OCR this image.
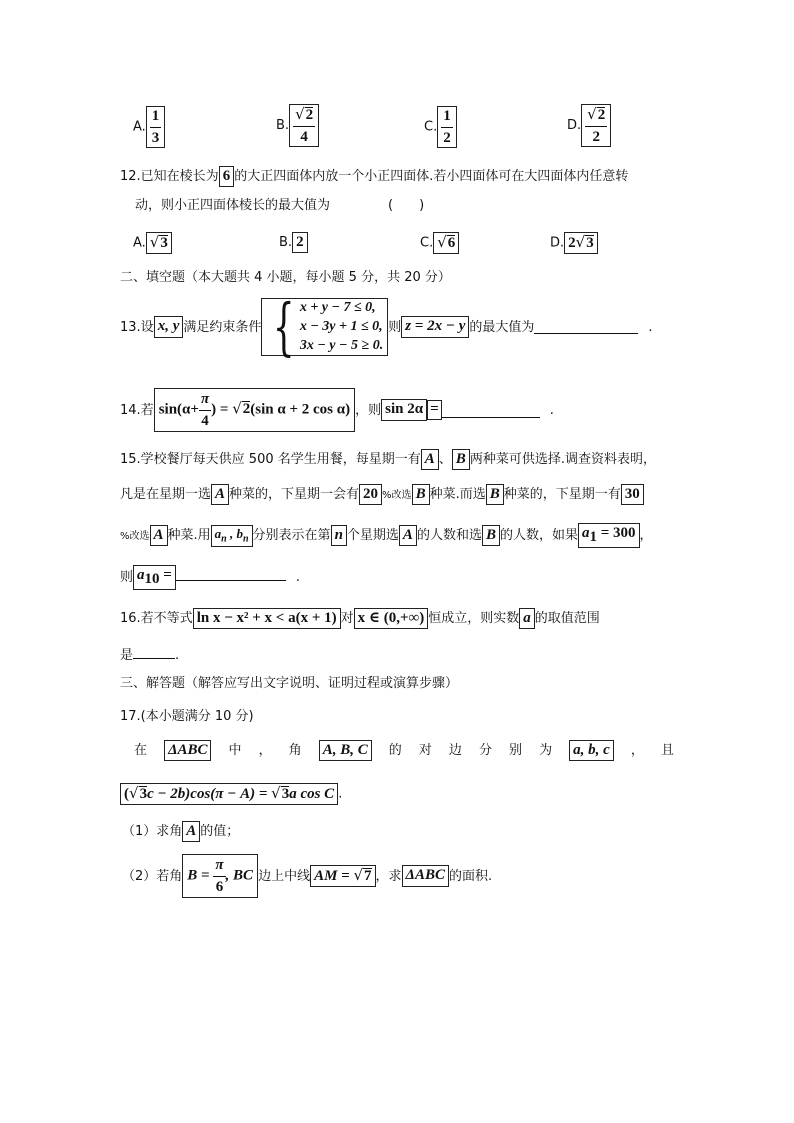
A. $\frac{1}{3}$	B. $\frac{√2}{4}$	C. $\frac{1}{2}$	D. $\frac{√2}{2}$
12.已知在棱长为 6 的大正四面体内放一个小正四面体.若小四面体可在大四面体内任意转
动，则小正四面体棱长的最大值为	(　　)
A. √3	B. 2	C. √6	D. 2√3
二、填空题（本大题共 4 小题，每小题 5 分，共 20 分）
13.设 x, y 满足约束条件 { x + y − 7 ≤ 0,
x − 3y + 1 ≤ 0,
3x − y − 5 ≥ 0.
则 z = 2x − y 的最大值为	.
14.若 $\sin(\alpha+ \frac{\pi}{4}$ ) = √2(sin α + 2 cos α) ，则 sin 2α =	.
15.学校餐厅每天供应 500 名学生用餐，每星期一有 A 、 B 两种菜可供选择.调查资料表明，
凡是在星期一选 A 种菜的，下星期一会有 20 %改选 B 种菜.而选 B 种菜的，下星期一有 30
%改选 A 种菜.用 $a_n$ , $b_n$ 分别表示在第 n 个星期选 A 的人数和选 B 的人数，如果 $a_1 = 300$ ，
则 $a_{10}$ =	.
16.若不等式 ln x − x² + x < a(x + 1) 对 x ∈ (0,+∞) 恒成立，则实数 a 的取值范围
是	.
三、解答题（解答应写出文字说明、证明过程或演算步骤）
17.(本小题满分 10 分)
在 ΔABC	中 ， 角 A, B, C	的 对 边 分 别 为 a, b, c	， 且
(√3c − 2b)cos(π − A) = √3a cos C .
（1）求角 A 的值；
（2）若角 $B = \frac{\pi}{6}$ , BC 边上中线 AM = √7 ，求 ΔABC 的面积.
